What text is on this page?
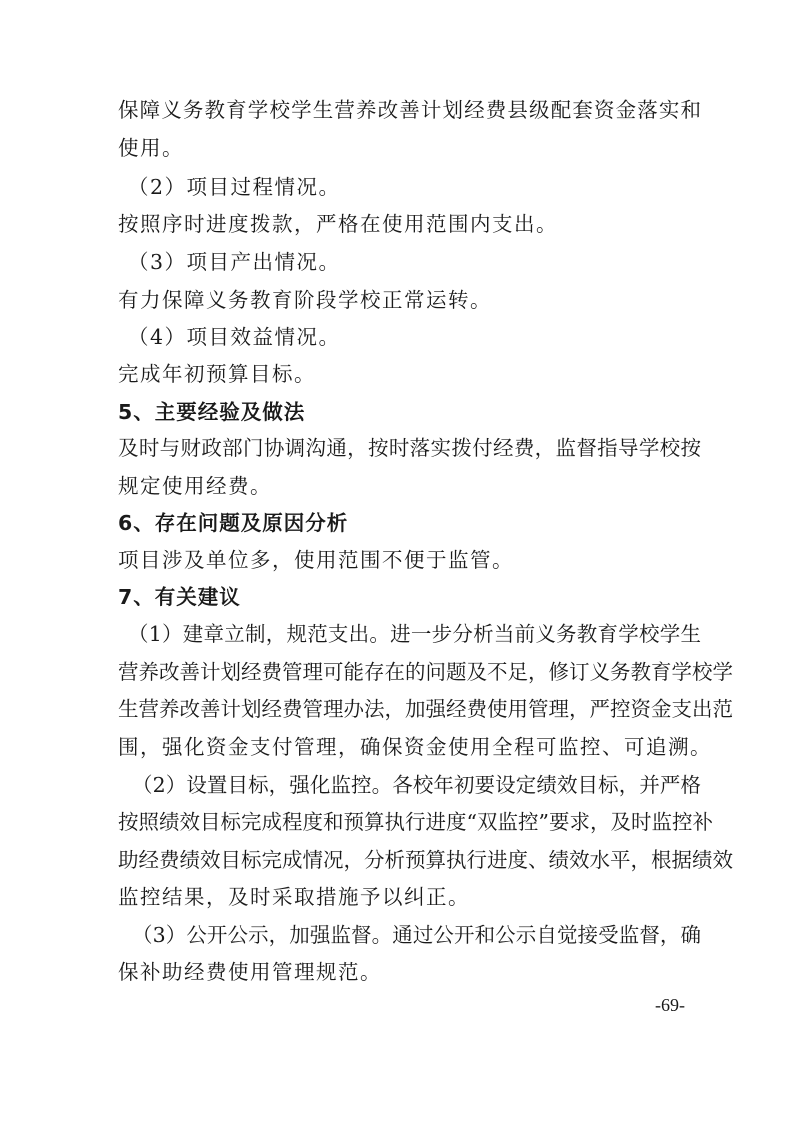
保障义务教育学校学生营养改善计划经费县级配套资金落实和
使用。
（2）项目过程情况。
按照序时进度拨款，严格在使用范围内支出。
（3）项目产出情况。
有力保障义务教育阶段学校正常运转。
（4）项目效益情况。
完成年初预算目标。
5、主要经验及做法
及时与财政部门协调沟通，按时落实拨付经费，监督指导学校按
规定使用经费。
6、存在问题及原因分析
项目涉及单位多，使用范围不便于监管。
7、有关建议
（1）建章立制，规范支出。进一步分析当前义务教育学校学生
营养改善计划经费管理可能存在的问题及不足，修订义务教育学校学
生营养改善计划经费管理办法，加强经费使用管理，严控资金支出范
围，强化资金支付管理，确保资金使用全程可监控、可追溯。
（2）设置目标，强化监控。各校年初要设定绩效目标，并严格
按照绩效目标完成程度和预算执行进度“双监控”要求，及时监控补
助经费绩效目标完成情况，分析预算执行进度、绩效水平，根据绩效
监控结果，及时采取措施予以纠正。
（3）公开公示，加强监督。通过公开和公示自觉接受监督，确
保补助经费使用管理规范。
-69-
